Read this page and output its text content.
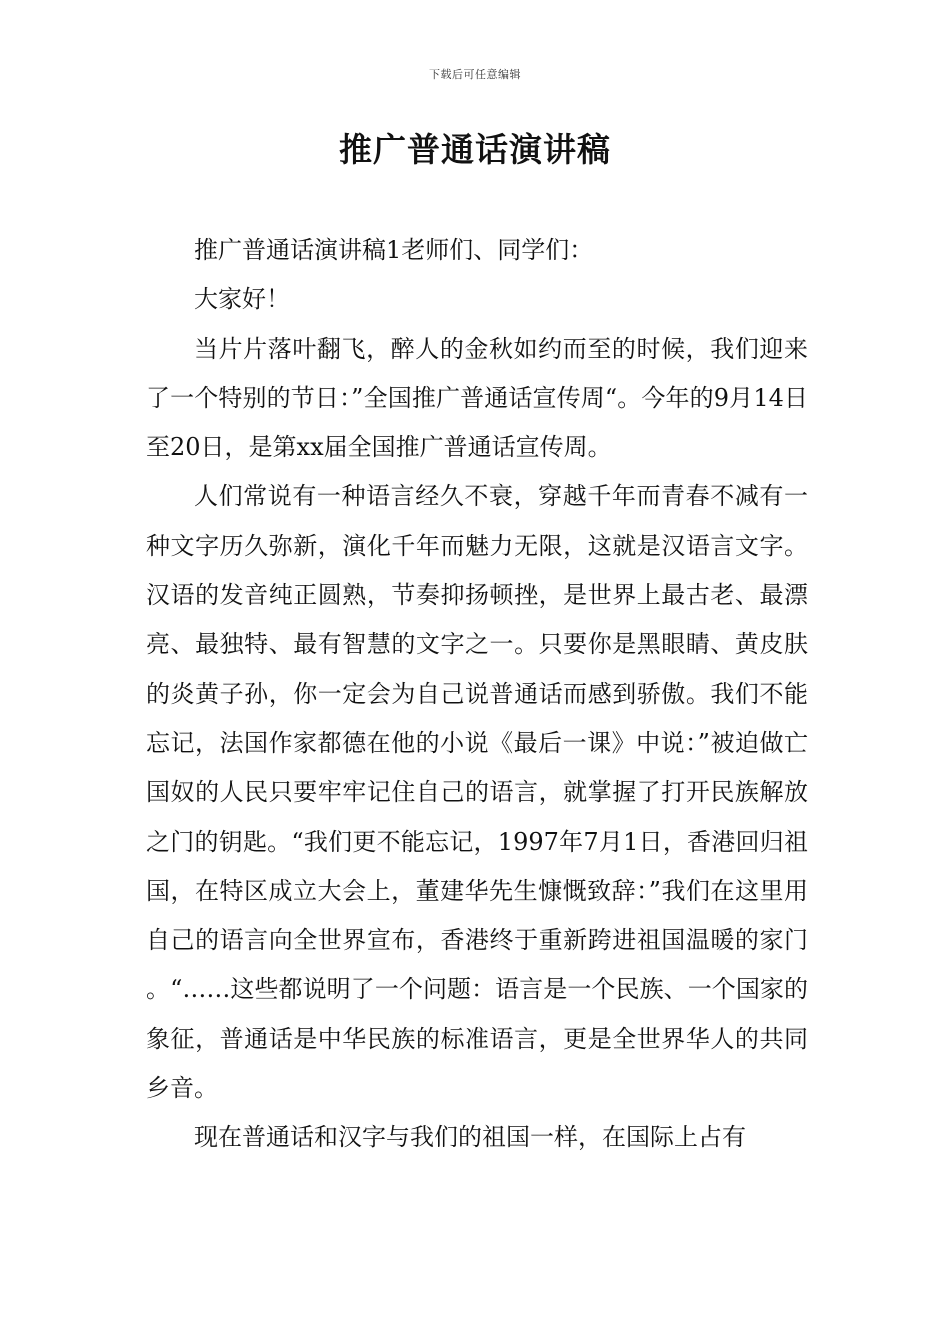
下载后可任意编辑
推广普通话演讲稿

推广普通话演讲稿1老师们、同学们：

大家好！

当片片落叶翻飞，醉人的金秋如约而至的时候，我们迎来了一个特别的节日：”全国推广普通话宣传周“。今年的9月14日至20日，是第xx届全国推广普通话宣传周。

人们常说有一种语言经久不衰，穿越千年而青春不减有一种文字历久弥新，演化千年而魅力无限，这就是汉语言文字。汉语的发音纯正圆熟，节奏抑扬顿挫，是世界上最古老、最漂亮、最独特、最有智慧的文字之一。只要你是黑眼睛、黄皮肤的炎黄子孙，你一定会为自己说普通话而感到骄傲。我们不能忘记，法国作家都德在他的小说《最后一课》中说：”被迫做亡国奴的人民只要牢牢记住自己的语言，就掌握了打开民族解放之门的钥匙。“我们更不能忘记，1997年7月1日，香港回归祖国，在特区成立大会上，董建华先生慷慨致辞：”我们在这里用自己的语言向全世界宣布，香港终于重新跨进祖国温暖的家门。“……这些都说明了一个问题：语言是一个民族、一个国家的象征，普通话是中华民族的标准语言，更是全世界华人的共同乡音。

现在普通话和汉字与我们的祖国一样，在国际上占有
